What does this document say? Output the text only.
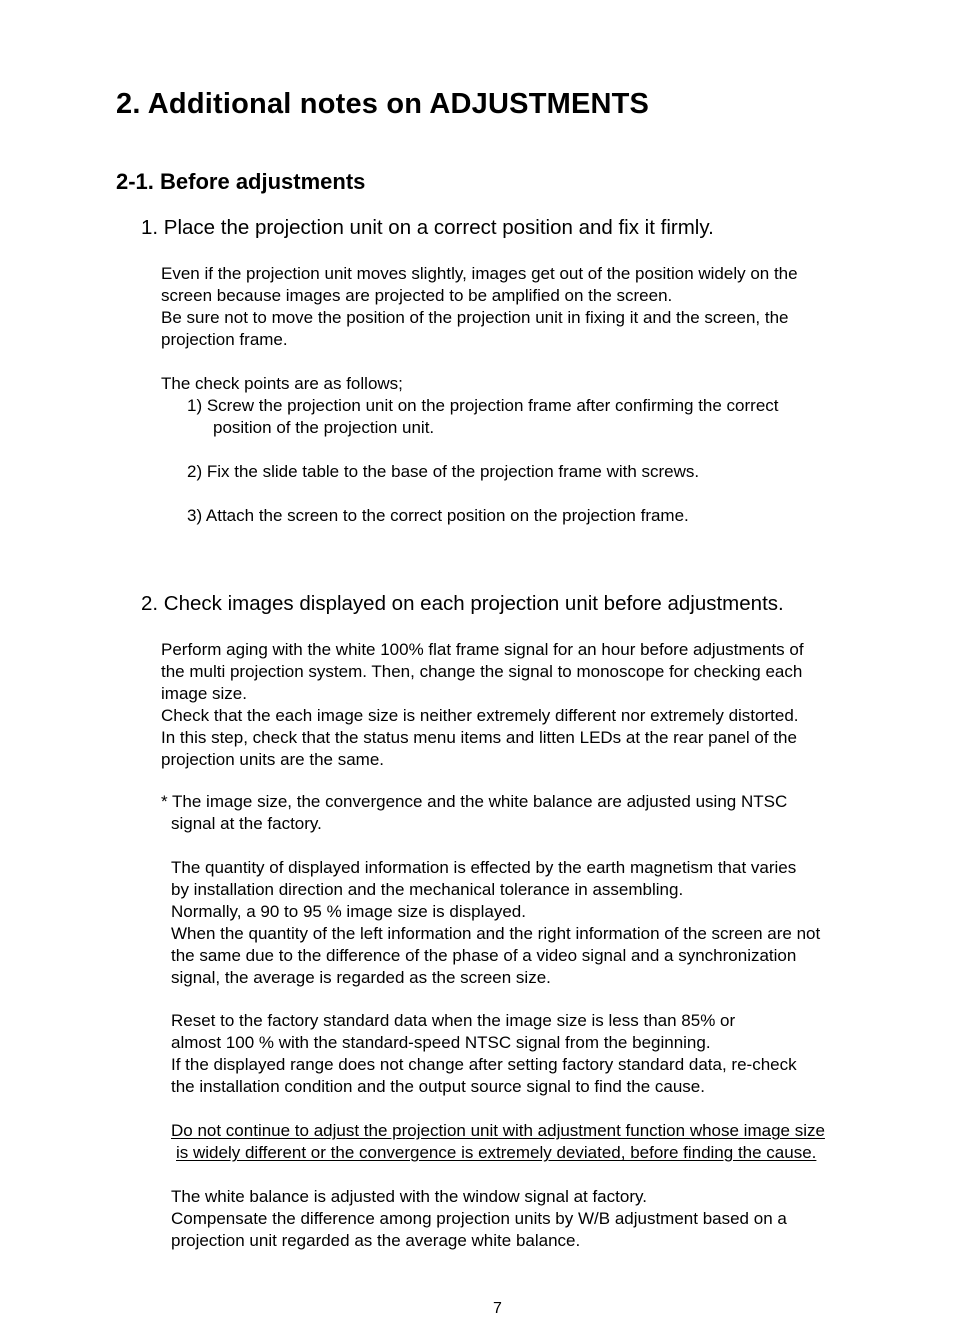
2. Additional notes on ADJUSTMENTS
2-1. Before adjustments
1. Place the projection unit on a correct position and fix it firmly.
Even if the projection unit moves slightly, images get out of the position widely on the
screen because images are projected to be amplified on the screen.
Be sure not to move the position of the projection unit in fixing it and the screen, the
projection frame.
The check points are as follows;
1) Screw the projection unit on the projection frame after confirming the correct
position of the projection unit.
2) Fix the slide table to the base of the projection frame with screws.
3) Attach the screen to the correct position on the projection frame.
2. Check images displayed on each projection unit before adjustments.
Perform aging with the white 100% flat frame signal for an hour before adjustments of
the multi projection system. Then, change the signal to monoscope for checking each
image size.
Check that the each image size is neither extremely different nor extremely distorted.
In this step, check that the status menu items and litten LEDs at the rear panel of the
projection units are the same.
* The image size, the convergence and the white balance are adjusted using NTSC
signal at the factory.
The quantity of displayed information is effected by the earth magnetism that varies
by installation direction and the mechanical tolerance in assembling.
Normally, a 90 to 95 % image size is displayed.
When the quantity of the left information and the right information of the screen are not
the same due to the difference of the phase of a video signal and a synchronization
signal, the average is regarded as the screen size.
Reset to the factory standard data when the image size is less than 85% or
almost 100 % with the standard-speed NTSC signal from the beginning.
If the displayed range does not change after setting factory standard data, re-check
the installation condition and the output source signal to find the cause.
Do not continue to adjust the projection unit with adjustment function whose image size
is widely different or the convergence is extremely deviated, before finding the cause.
The white balance is adjusted with the window signal at factory.
Compensate the difference among projection units by W/B adjustment based on a
projection unit regarded as the average white balance.
7
